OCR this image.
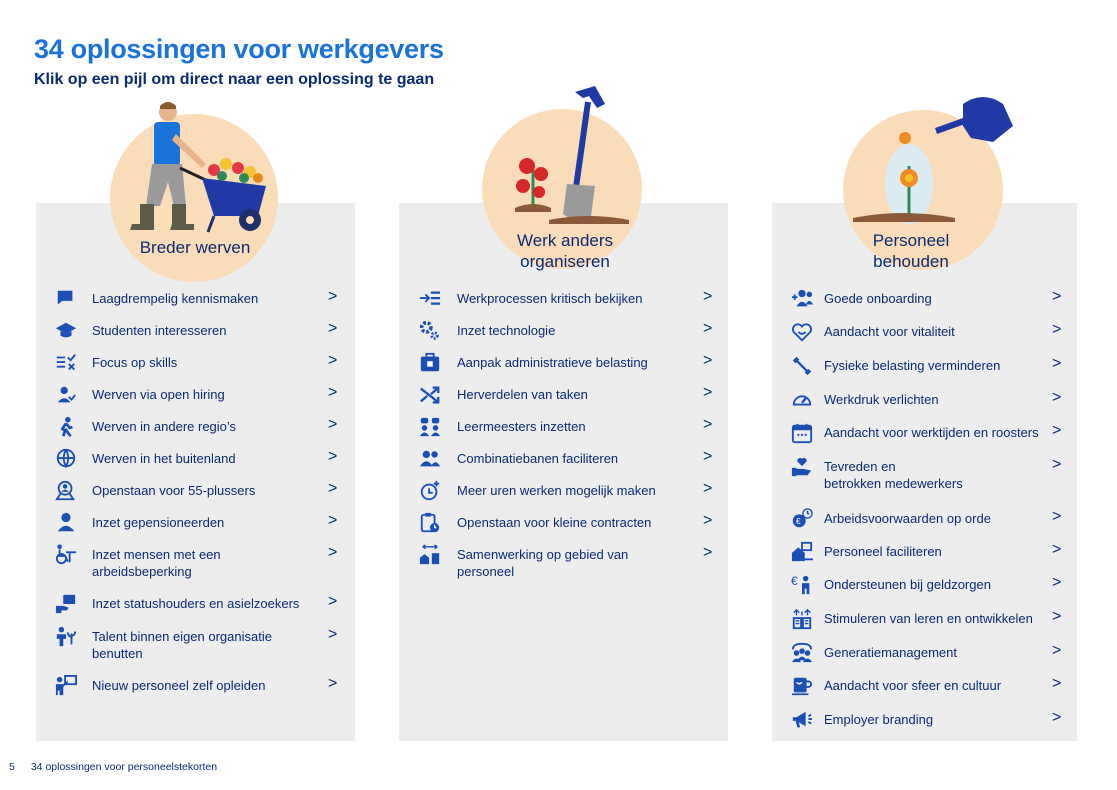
34 oplossingen voor werkgevers
Klik op een pijl om direct naar een oplossing te gaan
Breder werven	Werk anders
organiseren
Personeel
behouden
Laagdrempelig kennismaken	>
Studenten interesseren	>
Focus op skills	>
Werven via open hiring	>
Werven in andere regio’s	>
Werven in het buitenland	>
Openstaan voor 55-plussers	>
Inzet gepensioneerden	>
Inzet mensen met een
arbeidsbeperking
>
Inzet statushouders en asielzoekers	>
Talent binnen eigen organisatie
benutten
>
Nieuw personeel zelf opleiden	>
Werkprocessen kritisch bekijken	>
Inzet technologie	>
Aanpak administratieve belasting	>
Herverdelen van taken	>
Leermeesters inzetten	>
Combinatiebanen faciliteren	>
Meer uren werken mogelijk maken	>
Openstaan voor kleine contracten	>
Samenwerking op gebied van
personeel
>
Goede onboarding	>
Aandacht voor vitaliteit	>
Fysieke belasting verminderen	>
Werkdruk verlichten	>
Aandacht voor werktijden en roosters >
Tevreden en
betrokken medewerkers
>
€ Arbeidsvoorwaarden op orde	>
Personeel faciliteren	>
€ Ondersteunen bij geldzorgen	>
Stimuleren van leren en ontwikkelen	>
Generatiemanagement	>
Aandacht voor sfeer en cultuur	>
Employer branding	>
5 34 oplossingen voor personeelstekorten
